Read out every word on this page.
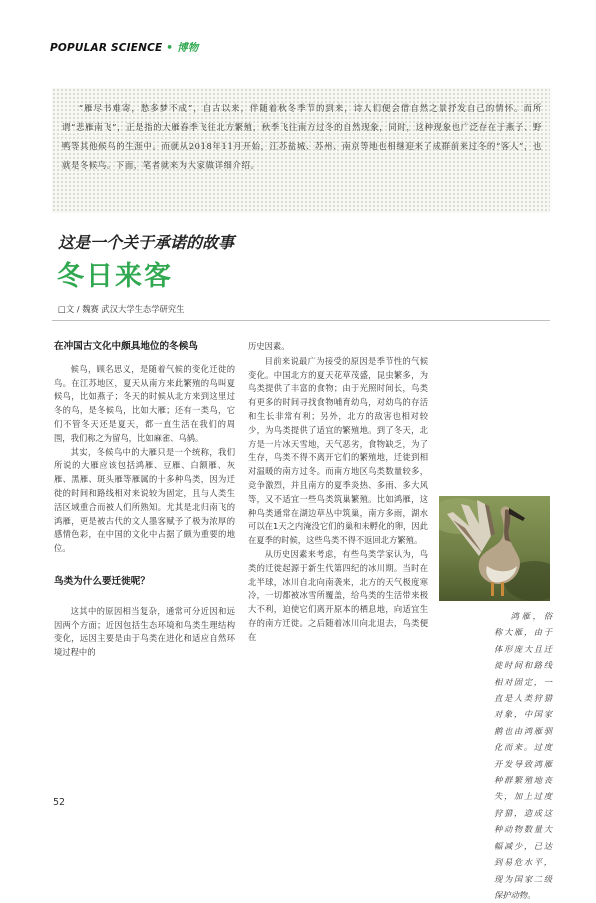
POPULAR SCIENCE • 博物

“雁尽书难寄，愁多梦不成”，自古以来，伴随着秋冬季节的到来，诗人们便会借自然之景抒发自己的情怀。而所谓“悲雁南飞”，正是指的大雁春季飞往北方繁殖，秋季飞往南方过冬的自然现象，同时，这种现象也广泛存在于燕子、野鸭等其他候鸟的生涯中。而就从2018年11月开始，江苏盐城、苏州、南京等地也相继迎来了成群前来过冬的“客人”，也就是冬候鸟。下面，笔者就来为大家做详细介绍。

这是一个关于承诺的故事
冬日来客
□文 / 魏赛 武汉大学生态学研究生
在冲国古文化中颇具地位的冬候鸟

候鸟，顾名思义，是随着气候的变化迁徙的鸟。在江苏地区，夏天从南方来此繁殖的鸟叫夏候鸟，比如燕子；冬天的时候从北方来到这里过冬的鸟，是冬候鸟，比如大雁；还有一类鸟，它们不管冬天还是夏天，都一直生活在我们的周围，我们称之为留鸟，比如麻雀、乌鸫。

其实，冬候鸟中的大雁只是一个统称，我们所说的大雁应该包括鸿雁、豆雁、白额雁、灰雁、黑雁、斑头雁等雁属的十多种鸟类，因为迁徙的时间和路线相对来说较为固定，且与人类生活区域重合而被人们所熟知。尤其是北归南飞的鸿雁，更是被古代的文人墨客赋予了极为浓厚的感情色彩，在中国的文化中占据了颇为重要的地位。

鸟类为什么要迁徙呢？

这其中的原因相当复杂，通常可分近因和远因两个方面；近因包括生态环境和鸟类生理结构变化，远因主要是由于鸟类在进化和适应自然环境过程中的

历史因素。

目前来说最广为接受的原因是季节性的气候变化。中国北方的夏天花草茂盛，昆虫繁多，为鸟类提供了丰富的食物；由于光照时间长，鸟类有更多的时间寻找食物哺育幼鸟，对幼鸟的存活和生长非常有利；另外，北方的敌害也相对较少，为鸟类提供了适宜的繁殖地。到了冬天，北方是一片冰天雪地，天气恶劣，食物缺乏，为了生存，鸟类不得不离开它们的繁殖地，迁徙到相对温暖的南方过冬。而南方地区鸟类数量较多，竞争激烈，并且南方的夏季炎热、多雨、多大风等，又不适宜一些鸟类筑巢繁殖。比如鸿雁，这种鸟类通常在湖边草丛中筑巢，南方多雨，湖水可以在1天之内淹没它们的巢和未孵化的卵，因此在夏季的时候，这些鸟类不得不返回北方繁殖。

从历史因素来考虑，有些鸟类学家认为，鸟类的迁徙起源于新生代第四纪的冰川期。当时在北半球，冰川自北向南袭来，北方的天气极度寒冷，一切都被冰雪所覆盖，给鸟类的生活带来极大不利，迫使它们离开原本的栖息地，向适宜生存的南方迁徙。之后随着冰川向北退去，鸟类便在

鸿雁，俗称大雁，由于体形庞大且迁徙时间和路线相对固定，一直是人类狩猎对象，中国家鹅也由鸿雁驯化而来。过度开发导致鸿雁种群繁殖地丧失，加上过度狩猎，造成这种动物数量大幅减少，已达到易危水平，现为国家二级保护动物。

52
